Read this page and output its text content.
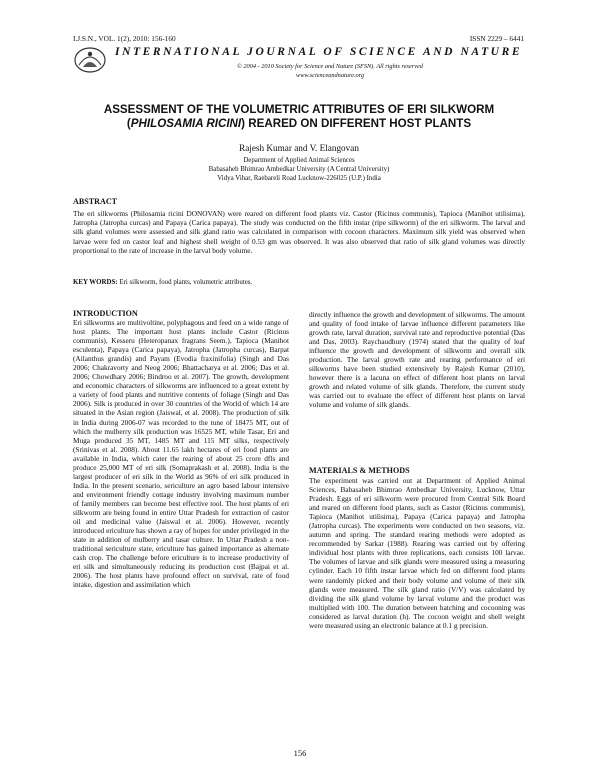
I.J.S.N., VOL. 1(2), 2010: 156-160	ISSN 2229 – 6441
INTERNATIONAL JOURNAL OF SCIENCE AND NATURE
© 2004 - 2010 Society for Science and Nature (SFSN). All rights reserved
www.scienceandnature.org
ASSESSMENT OF THE VOLUMETRIC ATTRIBUTES OF ERI SILKWORM
(PHILOSAMIA RICINI) REARED ON DIFFERENT HOST PLANTS
Rajesh Kumar and V. Elangovan
Department of Applied Animal Sciences
Babasaheb Bhimrao Ambedkar University (A Central University)
Vidya Vihar, Raebareli Road Lucknow-226025 (U.P.) India
ABSTRACT
The eri silkworms (Philosamia ricini DONOVAN) were reared on different food plants viz. Castor (Ricinus communis), Tapioca (Manihot utilisima), Jatropha (Jatropha curcas) and Papaya (Carica papaya). The study was conducted on the fifth instar (ripe silkworm) of the eri silkworm. The larval and silk gland volumes were assessed and silk gland ratio was calculated in comparison with cocoon characters. Maximum silk yield was observed when larvae were fed on castor leaf and highest shell weight of 0.53 gm was observed. It was also observed that ratio of silk gland volumes was directly proportional to the rate of increase in the larval body volume.
KEY WORDS: Eri silkworm, food plants, volumetric attributes.
INTRODUCTION
Eri silkworms are multivoltine, polyphagous and feed on a wide range of host plants. The important host plants include Castor (Ricinus communis), Kesseru (Heteropanax fragrans Seem.), Tapioca (Manihot esculenta), Papaya (Carica papaya), Jatropha (Jatropha curcas), Barpat (Ailanthus grandis) and Payam (Evodia fraxinifolia) (Singh and Das 2006; Chakravorty and Neog 2006; Bhattacharya et al. 2006; Das et al. 2006; Chowdhary 2006; Bindroo et al. 2007). The growth, development and economic characters of silkworms are influenced to a great extent by a variety of food plants and nutritive contents of foliage (Singh and Das 2006). Silk is produced in over 30 countries of the World of which 14 are situated in the Asian region (Jaiswal, et al. 2008). The production of silk in India during 2006-07 was recorded to the tune of 18475 MT, out of which the mulberry silk production was 16525 MT, while Tasar, Eri and Muga produced 35 MT, 1485 MT and 115 MT silks, respectively (Srinivas et al. 2008). About 11.65 lakh hectares of eri food plants are available in India, which cater the rearing of about 25 crore dfls and produce 25,000 MT of eri silk (Somaprakash et al. 2008). India is the largest producer of eri silk in the World as 96% of eri silk produced in India. In the present scenario, sericulture an agro based labour intensive and environment friendly cottage industry involving maximum number of family members can become best effective tool. The host plants of eri silkworm are being found in entire Uttar Pradesh for extraction of castor oil and medicinal value (Jaiswal et al. 2006). However, recently introduced ericulture has shown a ray of hopes for under privileged in the state in addition of mulberry and tasar culture. In Uttar Pradesh a non-traditional sericulture state, ericulture has gained importance as alternate cash crop. The challenge before ericulture is to increase productivity of eri silk and simultaneously reducing its production cost (Bajpai et al. 2006). The host plants have profound effect on survival, rate of food intake, digestion and assimilation which
directly influence the growth and development of silkworms. The amount and quality of food intake of larvae influence different parameters like growth rate, larval duration, survival rate and reproductive potential (Das and Das, 2003). Raychaudhury (1974) stated that the quality of leaf influence the growth and development of silkworm and overall silk production. The larval growth rate and rearing performance of eri silkworms have been studied extensively by Rajesh Kumar (2010), however there is a lacuna on effect of different host plants on larval growth and related volume of silk glands. Therefore, the current study was carried out to evaluate the effect of different host plants on larval volume and volume of silk glands.
MATERIALS & METHODS
The experiment was carried out at Department of Applied Animal Sciences, Babasaheb Bhimrao Ambedkar University, Lucknow, Uttar Pradesh. Eggs of eri silkworm were procured from Central Silk Board and reared on different food plants, such as Castor (Ricinus communis), Tapioca (Manihot utilisima), Papaya (Carica papaya) and Jatropha (Jatropha curcas). The experiments were conducted on two seasons, viz. autumn and spring. The standard rearing methods were adopted as recommended by Sarkar (1988). Rearing was carried out by offering individual host plants with three replications, each consists 100 larvae. The volumes of larvae and silk glands were measured using a measuring cylinder. Each 10 fifth instar larvae which fed on different food plants were randomly picked and their body volume and volume of their silk glands were measured. The silk gland ratio (V/V) was calculated by dividing the silk gland volume by larval volume and the product was multiplied with 100. The duration between hatching and cocooning was considered as larval duration (h). The cocoon weight and shell weight were measured using an electronic balance at 0.1 g precision.
156
